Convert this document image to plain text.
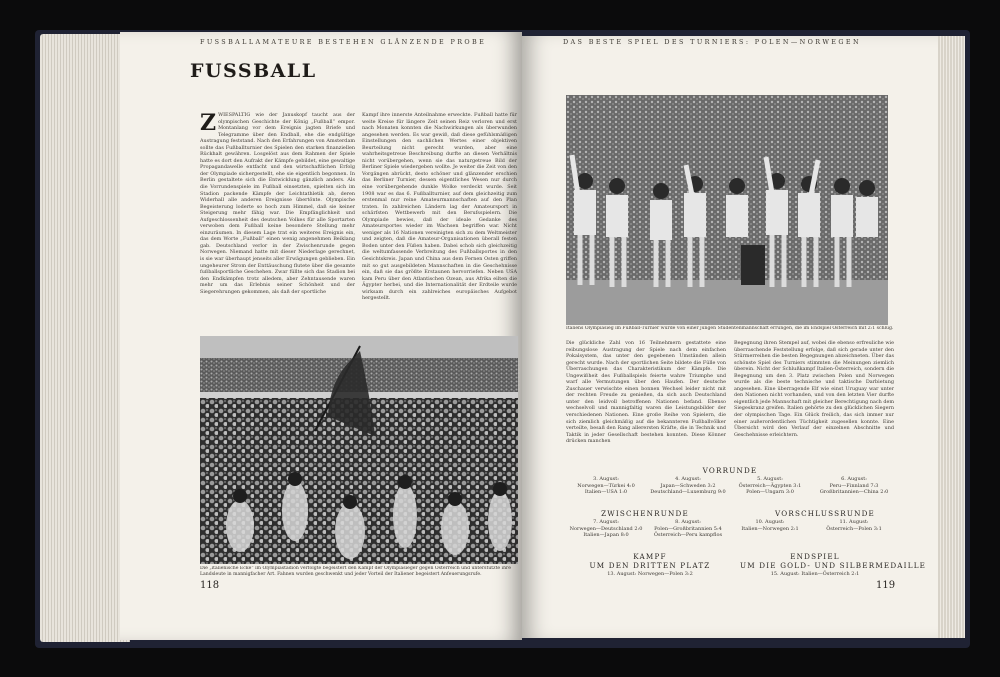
FUSSBALLAMATEURE BESTEHEN GLÄNZENDE PROBE
FUSSBALL

ZWIESPÄLTIG wie der Januskopf taucht aus der olympischen Geschichte der König „Fußball“ empor. Montanlang vor dem Ereignis jagten Briefe und Telegramme über den Endball, ehe die endgültige Austragung feststand. Nach den Erfahrungen von Amsterdam sollte das Fußballturnier des Spielen den starken finanziellen Rückhalt gewähren. Losgelöst aus dem Rahmen der Spiele hatte es dort den Aufrakt der Kämpfe gebildet, eine gewaltige Propagandawelle entfacht und den wirtschaftlichen Erfolg der Olympiade sichergestellt, ehe sie eigentlich begonnen. In Berlin gestaltete sich die Entwicklung gänzlich anders. Als die Vorrundenspiele im Fußball einsetzten, spielten sich im Stadion packende Kämpfe der Leichtathletik ab, deren Widerhall alle anderen Ereignisse übertönte. Olympische Begeisterung loderte so hoch zum Himmel, daß sie keiner Steigerung mehr fähig war. Die Empfänglichkeit und Aufgeschlossenheit des deutschen Volkes für alle Sportarten verwoben dem Fußball keine besondere Stellung mehr einzuräumen. In diesem Lage trat ein weiteres Ereignis ein, das dem Worte „Fußball“ einen wenig angenehmen Beiklang gab. Deutschland verlor in der Zwischenrunde gegen Norwegen. Niemand hatte mit dieser Niederlage gerechnet, is sie war überhaupt jenseits aller Erwägungen geblieben. Ein ungeheurer Strom der Enttäuschung flutete über die gesamte fußballsportliche Geschehen. Zwar füllte sich das Stadion bei den Endkämpfen trotz alledem, aber Zehntausende waren mehr um das Erlebnis seiner Schönheit und der Siegerehrungen gekommen, als daß der sportliche

Kampf ihre innerste Anteilnahme erweckte. Fußball hatte für weite Kreise für längere Zeit seinen Reiz verloren und erst nach Monaten konnten die Nachwirkungen als überwunden angesehen werden. Es war gewiß, daß diese gefühlsmäßigen Einstellungen den sachlichen Wertes einer objektiven Beurteilung nicht gerecht wurden, aber eine wahrheitsgetreue Beschreibung durfte an diesen Verhältnis nicht vorübergehen, wenn sie das naturgetreue Bild der Berliner Spiele wiedergeben wollte. Je weiter die Zeit von den Vorgängen abrückt, desto schöner und glänzender erschien das Berliner Turnier, dessen eigentliches Wesen nur durch eine vorübergehende dunkle Wolke verdeckt wurde. Seit 1908 war es das 6. Fußballturnier, auf dem gleichzeitig zum erstenmal nur reine Amateurmannschaften auf den Plan traten. In zahlreichen Ländern lag der Amateursport in schärfsten Wettbewerb mit den Berufsspielern. Die Olympiade bewies, daß der ideale Gedanke des Amateursportes wieder im Wachsen begriffen war. Nicht weniger als 16 Nationen vereinigten sich zu dem Weltmeister und zeigten, daß die Amateur-Organisationen überall festen Boden unter den Füßen haben. Dabei schob sich gleichzeitig die weltumfassende Verbreitung des Fußballsportes in den Gesichtskreis. Japan und China aus dem Fernen Osten griffen mit so gut ausgebildeten Mannschaften in die Geschehnisse ein, daß sie das größte Erstaunen hervorriefen. Neben USA kam Peru über den Atlantischen Ozean, aus Afrika eilten die Ägypter herbei, und die Internationalität der Erdteile wurde wirksam durch ein zahlreiches europäisches Aufgebot hergestellt.

Die „italienische Ecke“ im Olympiastadion verfolgte begeistert den Kampf der Olympiasieger gegen Österreich und unterstützte ihre Landsleute in mannigfacher Art. Fahnen wurden geschwenkt und jeder Vorteil der Italiener begeistert Anfeuerungsrufe.
118
DAS BESTE SPIEL DES TURNIERS: POLEN—NORWEGEN
Italiens Olympiasieg im Fußball-Turnier wurde von einer jungen Studentenmannschaft errungen, die im Endspiel Österreich mit 2:1 schlug.

Die glückliche Zahl von 16 Teilnehmern gestattete eine reibungslose Austragung der Spiele nach dem einfachen Pokalsystem, das unter den gegebenen Umständen allein gerecht wurde. Nach der sportlichen Seite bildete die Fülle von Überraschungen das Charakteristikum der Kämpfe. Die Ungewißheit des Fußballspiels feierte wahre Triumphe und warf alle Vermutungen über den Haufen. Der deutsche Zuschauer verwischte einen bonnen Wechsel leider nicht mit der rechten Freude zu genießen, da sich auch Deutschland unter den leidvoll betroffenen Nationen befand. Ebenso wechselvoll und mannigfaltig waren die Leistungsbilder der verschiedenen Nationen. Eine große Reihe von Spielern, die sich ziemlich gleichmäßig auf die bekannteren Fußballvölker verteilte, besaß den Rang allerersten Kräfte, die in Technik und Taktik in jeder Gesellschaft bestehen konnten. Diese Könner drücken manchen

Begegnung ihren Stempel auf, wobei die ebenso erfreuliche wie überraschende Feststellung erfolge, daß sich gerade unter den Stürmerreihen die besten Begegnungen abzeichneten. Über das schönste Spiel des Turniers stimmten die Meinungen ziemlich überein. Nicht der Schlußkampf Italien-Österreich, sondern die Begegnung um den 3. Platz zwischen Polen und Norwegen wurde als die beste technische und taktische Darbietung angesehen. Eine überragende Elf wie einst Uruguay war unter den Nationen nicht vorhanden, und von den letzten Vier durfte eigentlich jede Mannschaft mit gleicher Berechtigung nach dem Siegeskranz greifen. Italien gehörte zu den glücklichen Siegern der olympischen Tage. Ein Glück freilich, das sich immer nur einer außerordentlichen Tüchtigkeit zugesellen konnte. Eine Übersicht wird den Verlauf der einzelnen Abschnitte und Geschehnisse erleichtern.

VORRUNDE
3. August:
Norwegen—Türkei 4:0
Italien—USA 1:0
4. August:
Japan—Schweden 3:2
Deutschland—Luxemburg 9:0
5. August:
Österreich—Ägypten 3:1
Polen—Ungarn 3:0
6. August:
Peru—Finnland 7:3
Großbritannien—China 2:0
ZWISCHENRUNDE	VORSCHLUSSRUNDE
7. August:
Norwegen—Deutschland 2:0
Italien—Japan 8:0
8. August:
Polen—Großbritannien 5:4
Österreich—Peru kampflos
10. August:
Italien—Norwegen 2:1
11. August:
Österreich—Polen 3:1
KAMPF
UM DEN DRITTEN PLATZ
13. August: Norwegen—Polen 3:2
ENDSPIEL
UM DIE GOLD- UND SILBERMEDAILLE
15. August: Italien—Österreich 2:1
119
